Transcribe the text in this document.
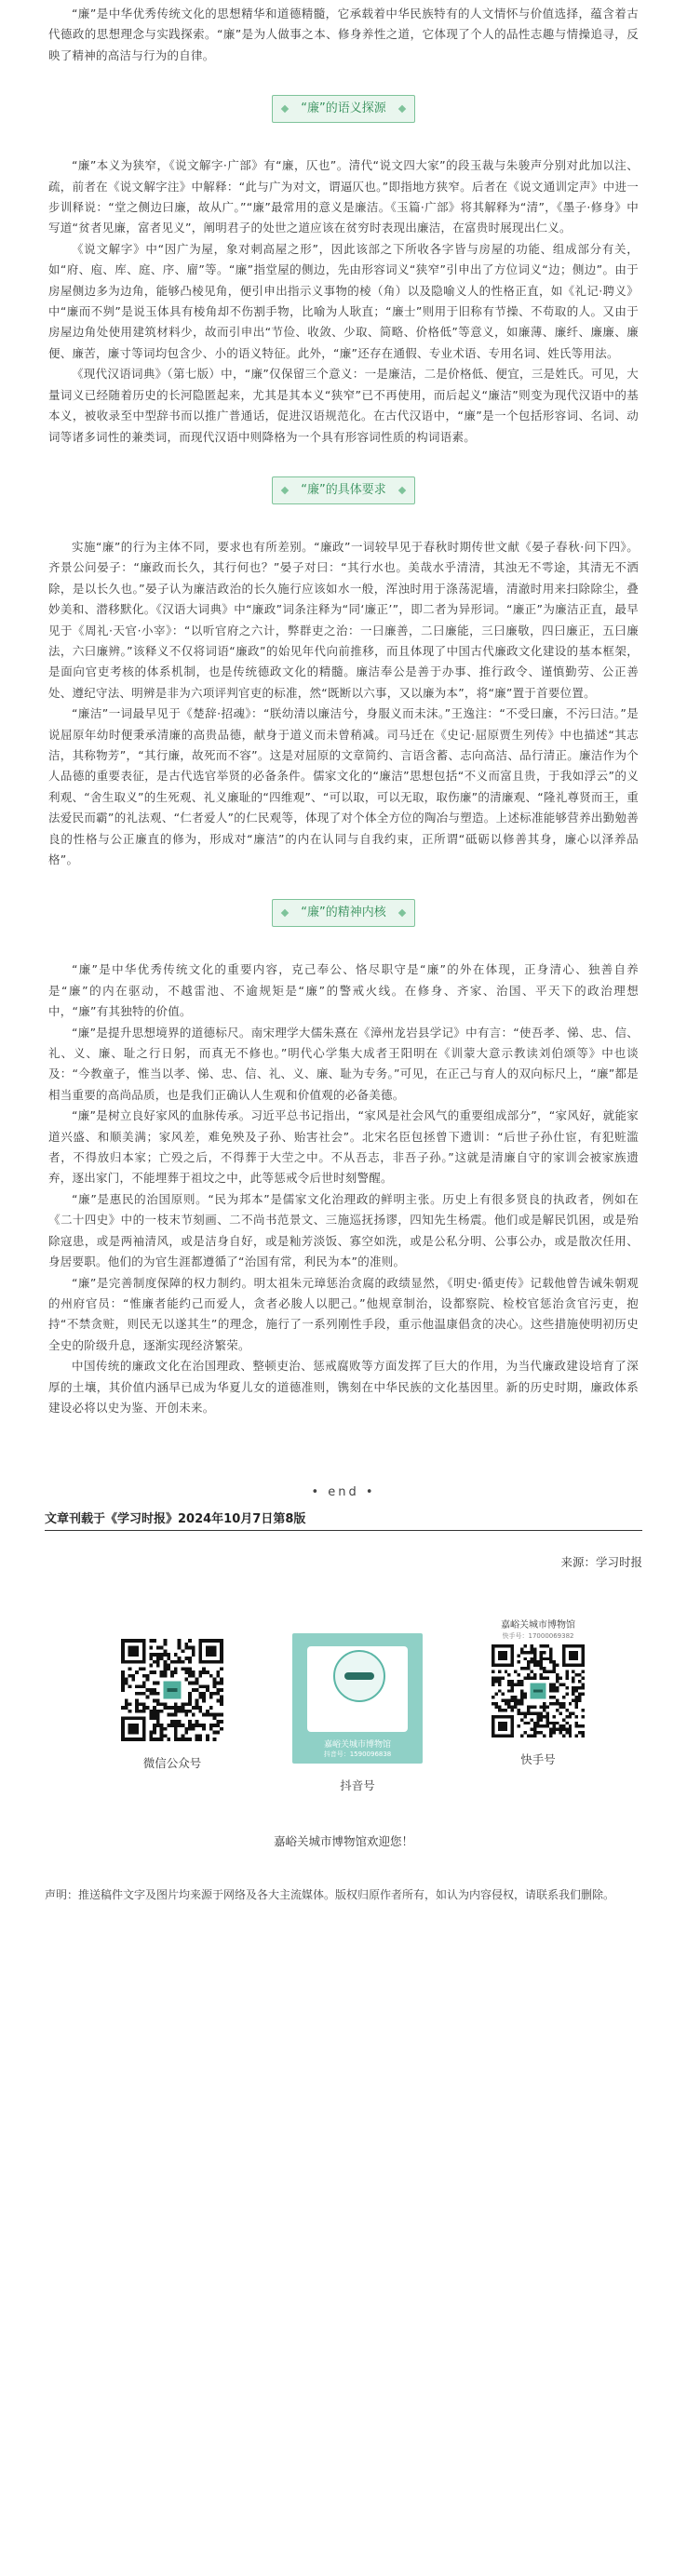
“廉”是中华优秀传统文化的思想精华和道德精髓，它承载着中华民族特有的人文情怀与价值选择，蕴含着古代德政的思想理念与实践探索。“廉”是为人做事之本、修身养性之道，它体现了个人的品性志趣与情操追寻，反映了精神的高洁与行为的自律。

“廉”的语义探源

“廉”本义为狭窄，《说文解字·广部》有“廉，仄也”。清代“说文四大家”的段玉裁与朱骏声分别对此加以注、疏，前者在《说文解字注》中解释：“此与广为对文，谓逼仄也。”即指地方狭窄。后者在《说文通训定声》中进一步训释说：“堂之侧边曰廉，故从广。”“廉”最常用的意义是廉洁。《玉篇·广部》将其解释为“清”，《墨子·修身》中写道“贫者见廉，富者见义”，阐明君子的处世之道应该在贫穷时表现出廉洁，在富贵时展现出仁义。

《说文解字》中“因广为屋，象对刺高屋之形”，因此该部之下所收各字皆与房屋的功能、组成部分有关，如“府、庖、库、庭、序、廇”等。“廉”指堂屋的侧边，先由形容词义“狭窄”引申出了方位词义“边；侧边”。由于房屋侧边多为边角，能够凸棱见角，便引申出指示义事物的棱（角）以及隐喻义人的性格正直，如《礼记·聘义》中“廉而不刿”是说玉体具有棱角却不伤割手物，比喻为人耿直；“廉士”则用于旧称有节操、不苟取的人。又由于房屋边角处使用建筑材料少，故而引申出“节俭、收敛、少取、简略、价格低”等意义，如廉薄、廉纤、廉廉、廉便、廉苦，廉寸等词均包含少、小的语义特征。此外，“廉”还存在通假、专业术语、专用名词、姓氏等用法。

《现代汉语词典》（第七版）中，“廉”仅保留三个意义：一是廉洁，二是价格低、便宜，三是姓氏。可见，大量词义已经随着历史的长河隐匿起来，尤其是其本义“狭窄”已不再使用，而后起义“廉洁”则变为现代汉语中的基本义，被收录至中型辞书而以推广普通话，促进汉语规范化。在古代汉语中，“廉”是一个包括形容词、名词、动词等诸多词性的兼类词，而现代汉语中则降格为一个具有形容词性质的构词语素。

“廉”的具体要求

实施“廉”的行为主体不同，要求也有所差别。“廉政”一词较早见于春秋时期传世文献《晏子春秋·问下四》。齐景公问晏子：“廉政而长久，其行何也？”晏子对曰：“其行水也。美哉水乎清清，其浊无不雩途，其清无不洒除，是以长久也。”晏子认为廉洁政治的长久施行应该如水一般，浑浊时用于涤荡泥墙，清澈时用来扫除除尘，叠妙美和、潜移默化。《汉语大词典》中“廉政”词条注释为“同‘廉正’”，即二者为异形词。“廉正”为廉洁正直，最早见于《周礼·天官·小宰》：“以听官府之六计，弊群吏之治：一曰廉善，二曰廉能，三曰廉敬，四曰廉正，五曰廉法，六曰廉辨。”该释义不仅将词语“廉政”的始见年代向前推移，而且体现了中国古代廉政文化建设的基本框架，是面向官吏考核的体系机制，也是传统德政文化的精髓。廉洁奉公是善于办事、推行政令、谨慎勤劳、公正善处、遵纪守法、明辨是非为六项评判官吏的标准，然“既断以六事，又以廉为本”，将“廉”置于首要位置。

“廉洁”一词最早见于《楚辞·招魂》：“朕幼清以廉洁兮，身服义而未沫。”王逸注：“不受曰廉，不污曰洁。”是说屈原年幼时便秉承清廉的高贵品德，献身于道义而未曾稍减。司马迁在《史记·屈原贾生列传》中也描述“其志洁，其称物芳”，“其行廉，故死而不容”。这是对屈原的文章简约、言语含蓄、志向高洁、品行清正。廉洁作为个人品德的重要表征，是古代选官举贤的必备条件。儒家文化的“廉洁”思想包括“不义而富且贵，于我如浮云”的义利观、“舍生取义”的生死观、礼义廉耻的“四维观”、“可以取，可以无取，取伤廉”的清廉观、“隆礼尊贤而王，重法爱民而霸”的礼法观、“仁者爱人”的仁民观等，体现了对个体全方位的陶冶与塑造。上述标准能够营养出勤勉善良的性格与公正廉直的修为，形成对“廉洁”的内在认同与自我约束，正所谓“砥砺以修善其身，廉心以泽养品格”。

“廉”的精神内核

“廉”是中华优秀传统文化的重要内容，克己奉公、恪尽职守是“廉”的外在体现，正身清心、独善自养是“廉”的内在驱动，不越雷池、不逾规矩是“廉”的警戒火线。在修身、齐家、治国、平天下的政治理想中，“廉”有其独特的价值。

“廉”是提升思想境界的道德标尺。南宋理学大儒朱熹在《漳州龙岩县学记》中有言：“使吾孝、悌、忠、信、礼、义、廉、耻之行日躬，而真无不修也。”明代心学集大成者王阳明在《训蒙大意示教读刘伯颂等》中也谈及：“今教童子，惟当以孝、悌、忠、信、礼、义、廉、耻为专务。”可见，在正己与育人的双向标尺上，“廉”都是相当重要的高尚品质，也是我们正确认人生观和价值观的必备美德。

“廉”是树立良好家风的血脉传承。习近平总书记指出，“家风是社会风气的重要组成部分”，“家风好，就能家道兴盛、和顺美满；家风差，难免殃及子孙、贻害社会”。北宋名臣包拯曾下遗训：“后世子孙仕宦，有犯赃滥者，不得放归本家；亡殁之后，不得葬于大茔之中。不从吾志，非吾子孙。”这就是清廉自守的家训会被家族遗弃，逐出家门，不能埋葬于祖坟之中，此等惩戒令后世时刻警醒。

“廉”是惠民的治国原则。“民为邦本”是儒家文化治理政的鲜明主张。历史上有很多贤良的执政者，例如在《二十四史》中的一枝末节刻画、二不尚书范景文、三施巡抚扬谬，四知先生杨震。他们或是解民饥困，或是殆除寇患，或是两袖清风，或是洁身自好，或是籼芳淡饭、寡空如洗，或是公私分明、公事公办，或是散次任用、身居要职。他们的为官生涯都遵循了“治国有常，利民为本”的准则。

“廉”是完善制度保障的权力制约。明太祖朱元璋惩治贪腐的政绩显然，《明史·循吏传》记载他曾告诫朱朝观的州府官员：“惟廉者能约己而爱人，贪者必朘人以肥己。”他规章制治，设都察院、检校官惩治贪官污吏，抱持“不禁贪赃，则民无以遂其生”的理念，施行了一系列刚性手段，重示他温康倡贪的决心。这些措施使明初历史全史的阶级升息，逐渐实现经济繁荣。

中国传统的廉政文化在治国理政、整顿吏治、惩戒腐败等方面发挥了巨大的作用，为当代廉政建设培育了深厚的土壤，其价值内涵早已成为华夏儿女的道德准则，镌刻在中华民族的文化基因里。新的历史时期，廉政体系建设必将以史为鉴、开创未来。

• end •
文章刊载于《学习时报》2024年10月7日第8版
来源：学习时报
微信公众号
嘉峪关城市博物馆
抖音号：1590096838
抖音号
嘉峪关城市博物馆
快手号：17000069382
快手号
嘉峪关城市博物馆欢迎您！
声明：推送稿件文字及图片均来源于网络及各大主流媒体。版权归原作者所有，如认为内容侵权，请联系我们删除。
